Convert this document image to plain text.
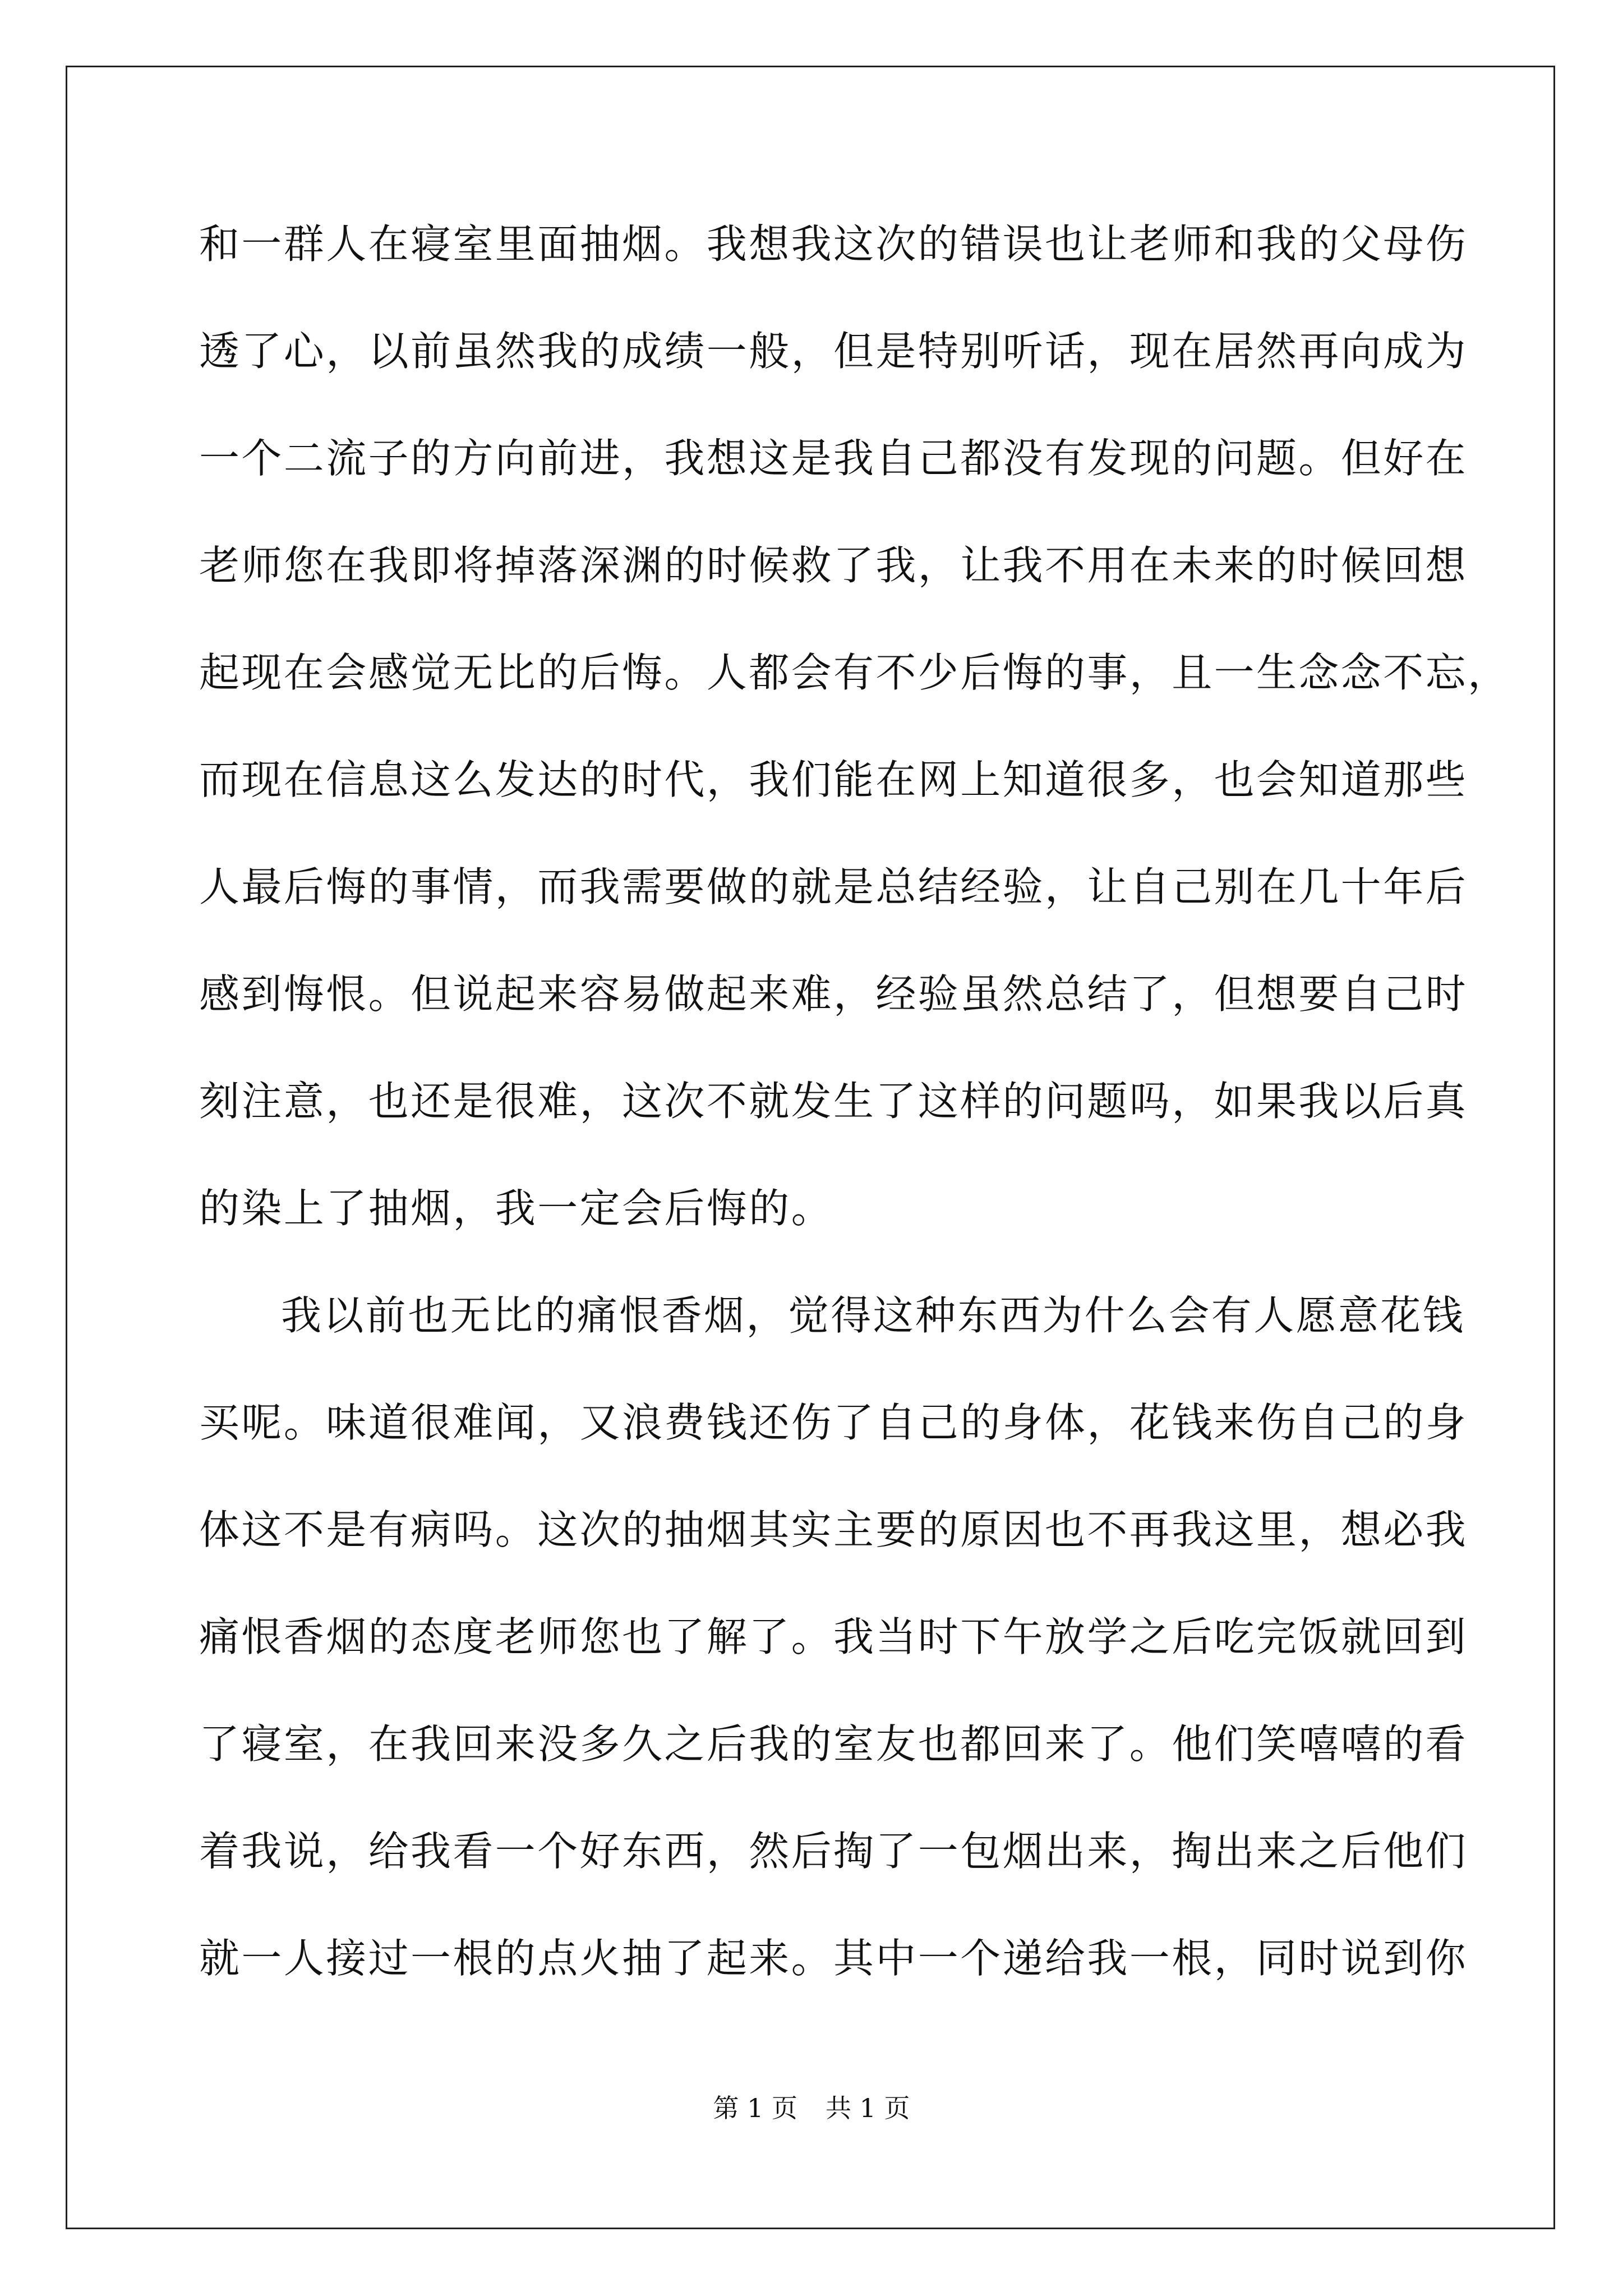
和一群人在寝室里面抽烟。我想我这次的错误也让老师和我的父母伤
透了心，以前虽然我的成绩一般，但是特别听话，现在居然再向成为
一个二流子的方向前进，我想这是我自己都没有发现的问题。但好在
老师您在我即将掉落深渊的时候救了我，让我不用在未来的时候回想
起现在会感觉无比的后悔。人都会有不少后悔的事，且一生念念不忘，
而现在信息这么发达的时代，我们能在网上知道很多，也会知道那些
人最后悔的事情，而我需要做的就是总结经验，让自己别在几十年后
感到悔恨。但说起来容易做起来难，经验虽然总结了，但想要自己时
刻注意，也还是很难，这次不就发生了这样的问题吗，如果我以后真
的染上了抽烟，我一定会后悔的。
我以前也无比的痛恨香烟，觉得这种东西为什么会有人愿意花钱
买呢。味道很难闻，又浪费钱还伤了自己的身体，花钱来伤自己的身
体这不是有病吗。这次的抽烟其实主要的原因也不再我这里，想必我
痛恨香烟的态度老师您也了解了。我当时下午放学之后吃完饭就回到
了寝室，在我回来没多久之后我的室友也都回来了。他们笑嘻嘻的看
着我说，给我看一个好东西，然后掏了一包烟出来，掏出来之后他们
就一人接过一根的点火抽了起来。其中一个递给我一根，同时说到你
第 1 页 共 1 页
